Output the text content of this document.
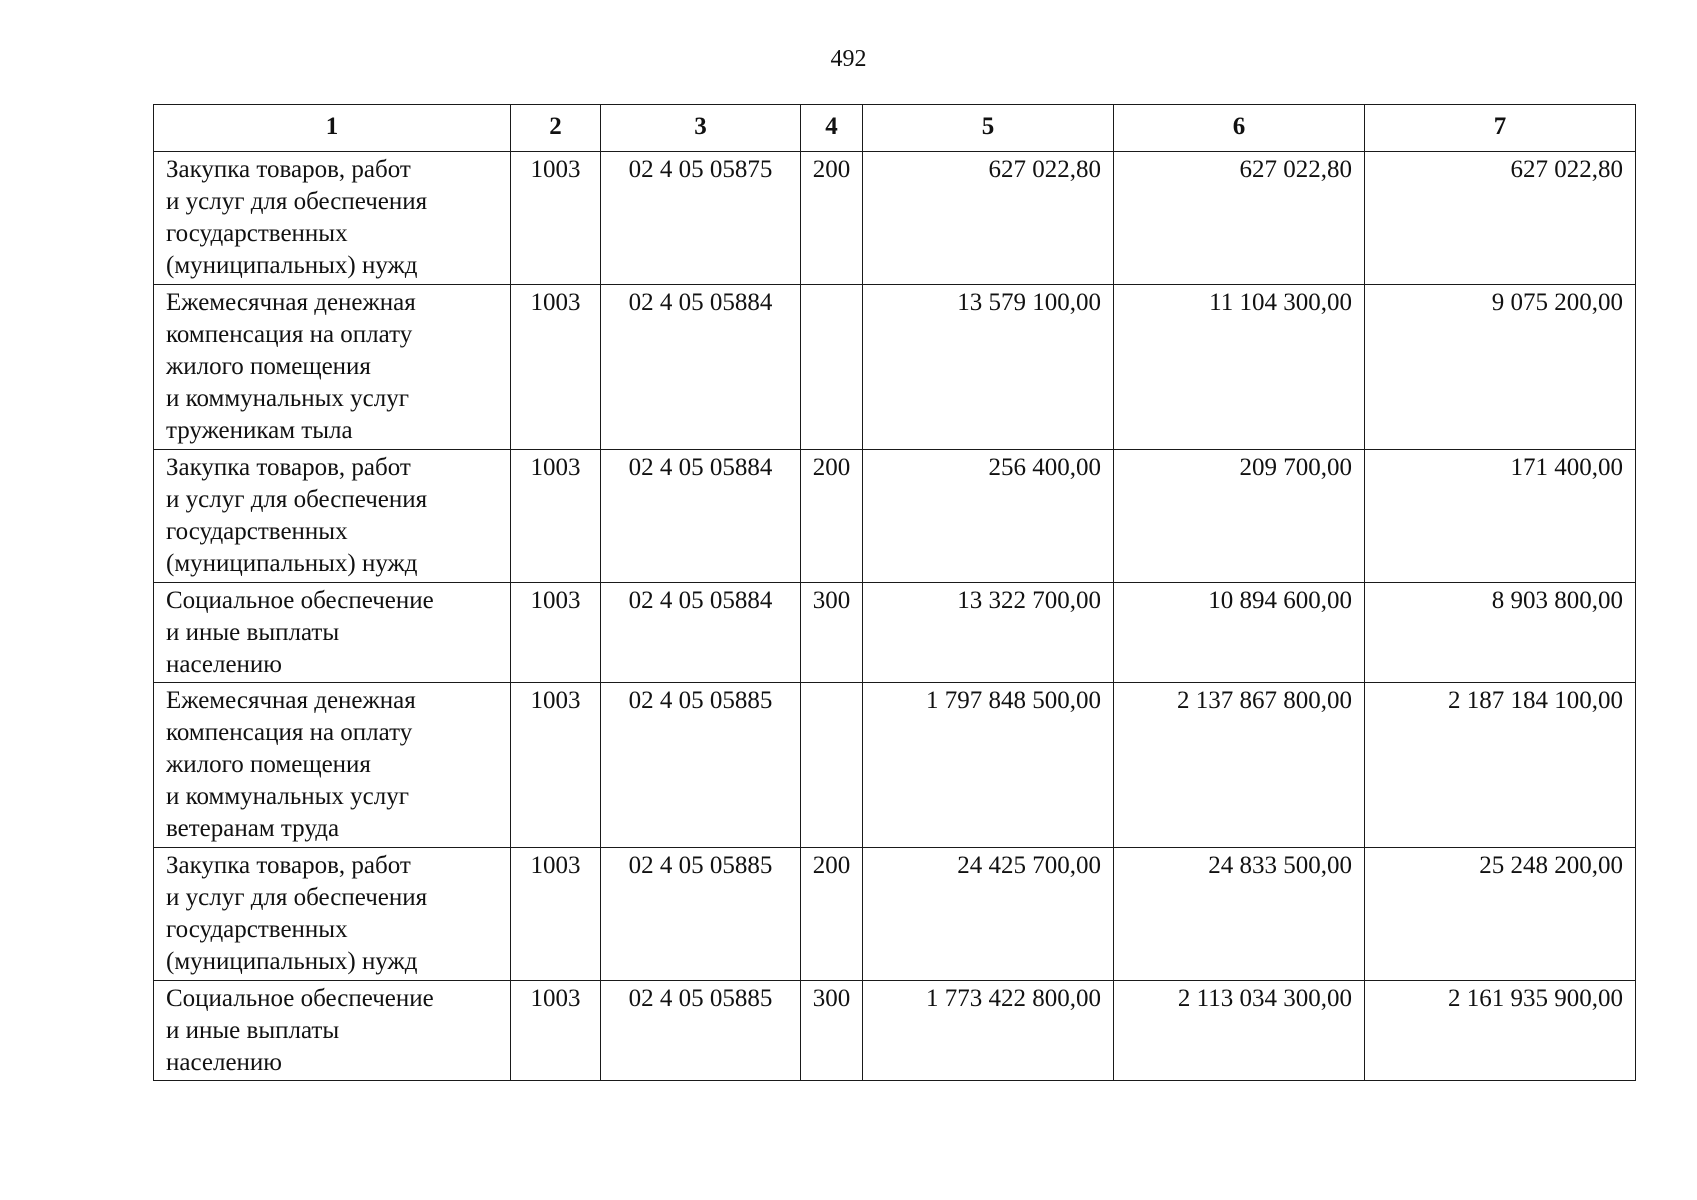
492
1	2	3	4	5	6	7

Закупка товаров, работ
и услуг для обеспечения
государственных
(муниципальных) нужд	1003	02 4 05 05875	200	627 022,80	627 022,80	627 022,80

Ежемесячная денежная
компенсация на оплату
жилого помещения
и коммунальных услуг
труженикам тыла	1003	02 4 05 05884		13 579 100,00	11 104 300,00	9 075 200,00

Закупка товаров, работ
и услуг для обеспечения
государственных
(муниципальных) нужд	1003	02 4 05 05884	200	256 400,00	209 700,00	171 400,00

Социальное обеспечение
и иные выплаты
населению	1003	02 4 05 05884	300	13 322 700,00	10 894 600,00	8 903 800,00

Ежемесячная денежная
компенсация на оплату
жилого помещения
и коммунальных услуг
ветеранам труда	1003	02 4 05 05885		1 797 848 500,00	2 137 867 800,00	2 187 184 100,00

Закупка товаров, работ
и услуг для обеспечения
государственных
(муниципальных) нужд	1003	02 4 05 05885	200	24 425 700,00	24 833 500,00	25 248 200,00

Социальное обеспечение
и иные выплаты
населению	1003	02 4 05 05885	300	1 773 422 800,00	2 113 034 300,00	2 161 935 900,00
